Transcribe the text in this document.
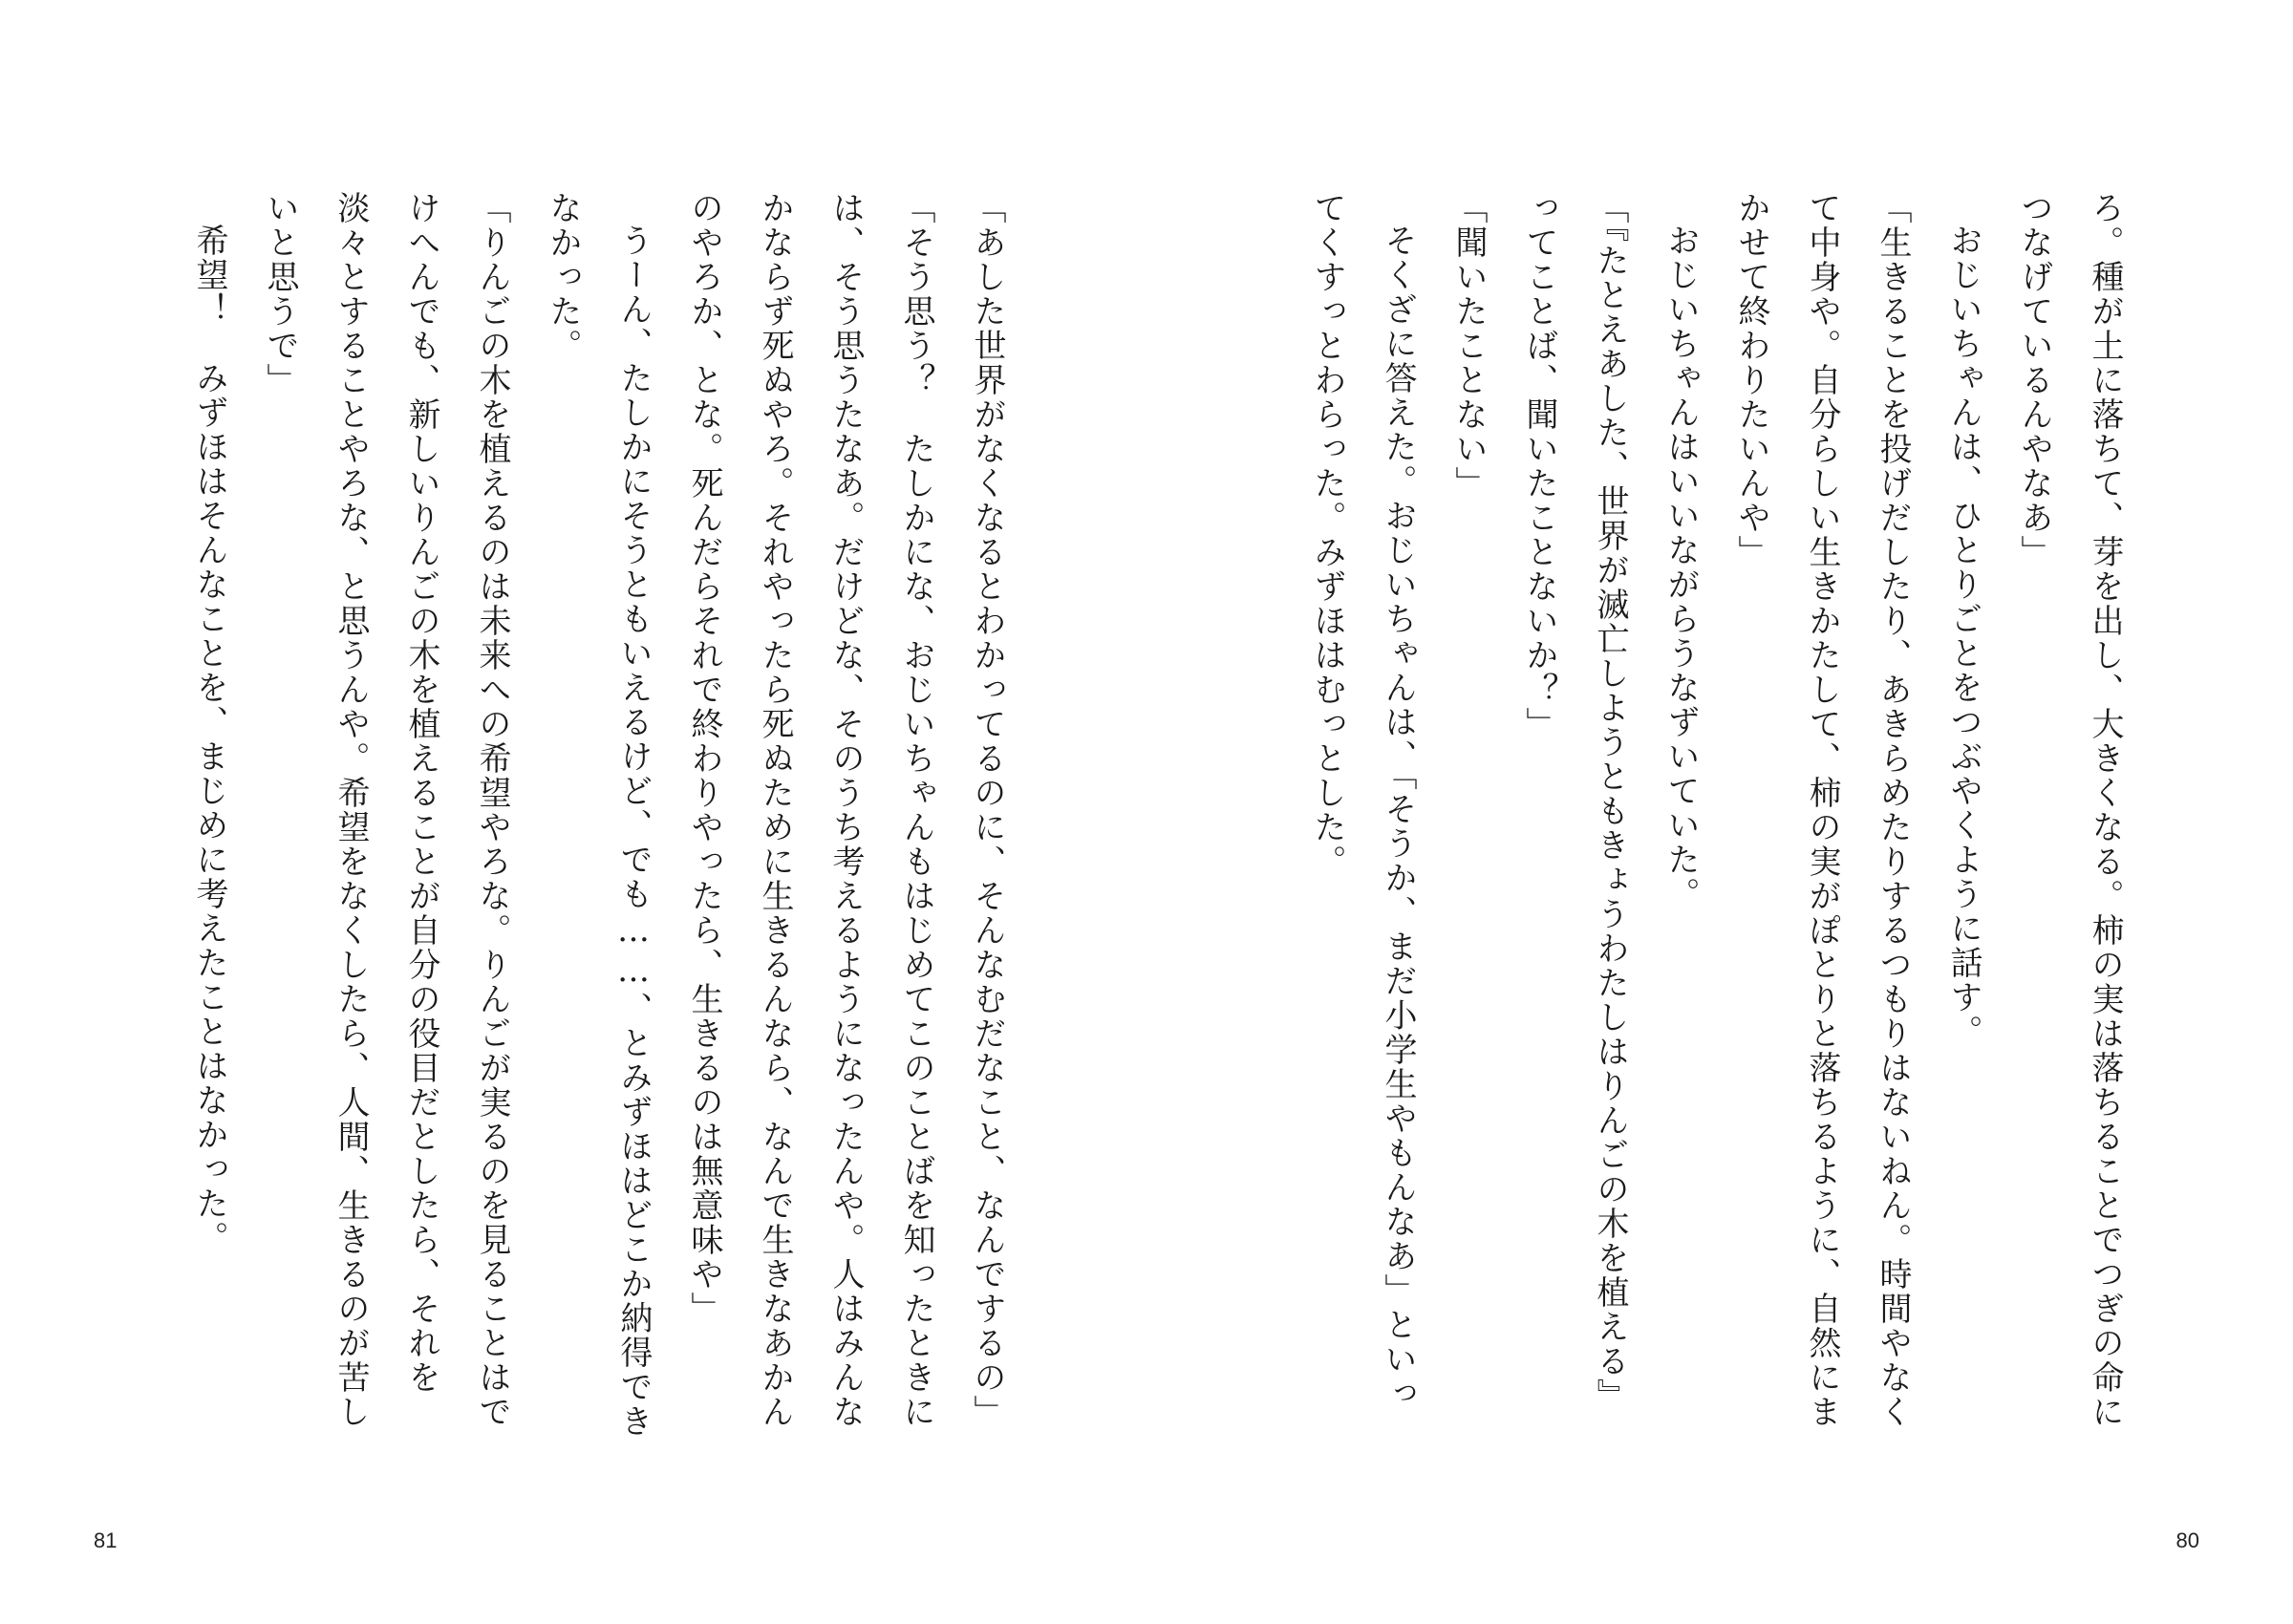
「あした世界がなくなるとわかってるのに、そんなむだなこと、なんでするの」
「そう思う？　たしかにな、おじいちゃんもはじめてこのことばを知ったときに
は、そう思うたなあ。だけどな、そのうち考えるようになったんや。人はみんな
かならず死ぬやろ。それやったら死ぬために生きるんなら、なんで生きなあかん
のやろか、とな。死んだらそれで終わりやったら、生きるのは無意味や」
うーん、たしかにそうともいえるけど、でも……、とみずほはどこか納得でき
なかった。
「りんごの木を植えるのは未来への希望やろな。りんごが実るのを見ることはで
けへんでも、新しいりんごの木を植えることが自分の役目だとしたら、それを
淡々とすることやろな、と思うんや。希望をなくしたら、人間、生きるのが苦し
いと思うで」
希望！　みずほはそんなことを、まじめに考えたことはなかった。
81
ろ。種が土に落ちて、芽を出し、大きくなる。柿の実は落ちることでつぎの命に
つなげているんやなあ」
おじいちゃんは、ひとりごとをつぶやくように話す。
「生きることを投げだしたり、あきらめたりするつもりはないねん。時間やなく
て中身や。自分らしい生きかたして、柿の実がぽとりと落ちるように、自然にま
かせて終わりたいんや」
おじいちゃんはいいながらうなずいていた。
「『たとえあした、世界が滅亡しようともきょうわたしはりんごの木を植える』
ってことば、聞いたことないか？」
「聞いたことない」
そくざに答えた。おじいちゃんは、「そうか、まだ小学生やもんなあ」といっ
てくすっとわらった。みずほはむっとした。
80
